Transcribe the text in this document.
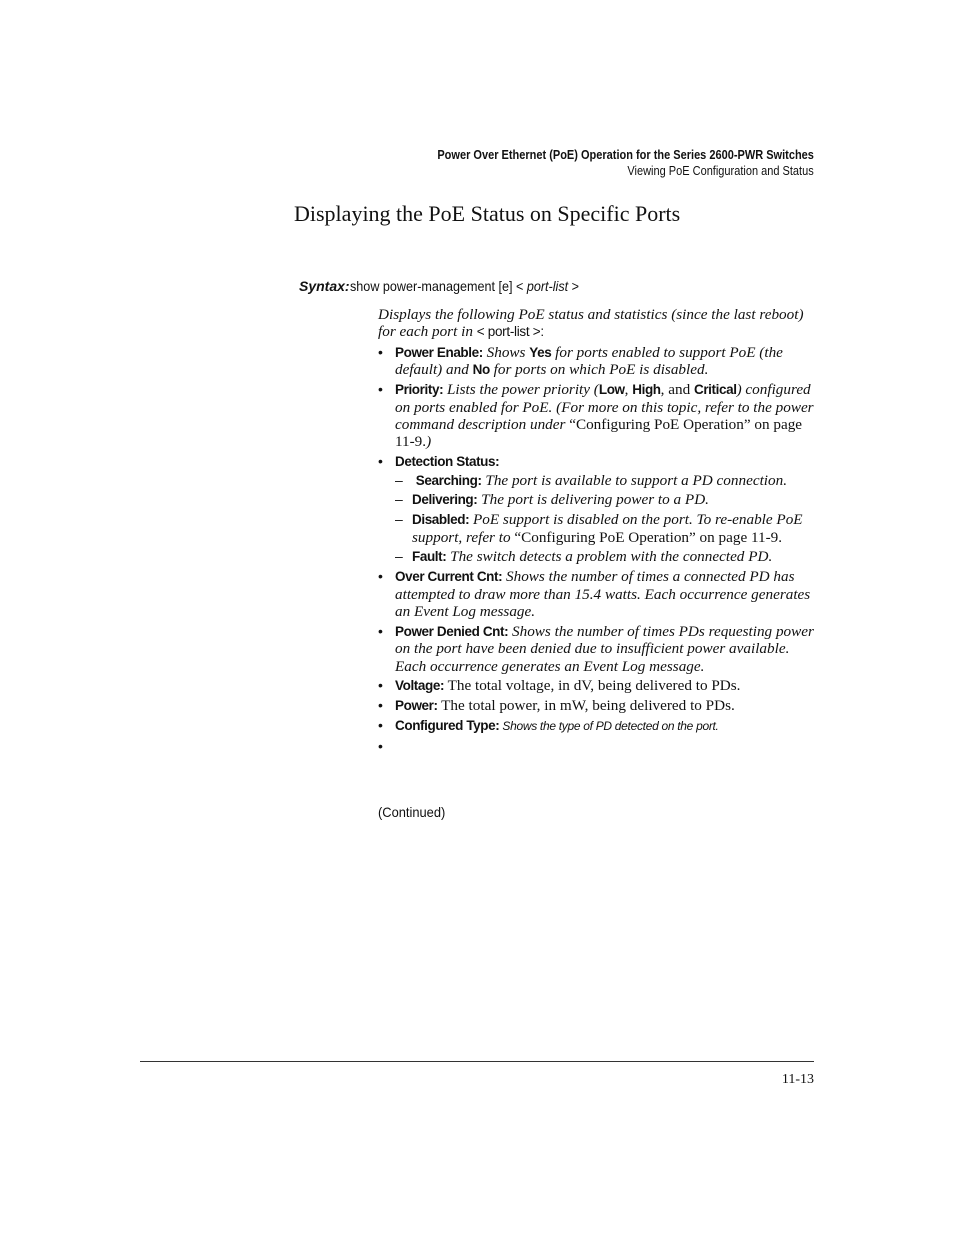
Power Over Ethernet (PoE) Operation for the Series 2600-PWR Switches
Viewing PoE Configuration and Status
Displaying the PoE Status on Specific Ports
Syntax:show power-management [e] < port-list >
Displays the following PoE status and statistics (since the last reboot) for each port in < port-list >:
• Power Enable: Shows Yes for ports enabled to support PoE (the default) and No for ports on which PoE is disabled.
• Priority: Lists the power priority (Low, High, and Critical) configured on ports enabled for PoE. (For more on this topic, refer to the power command description under “Configuring PoE Operation” on page 11-9.)
• Detection Status:
– Searching: The port is available to support a PD connection.
– Delivering: The port is delivering power to a PD.
– Disabled: PoE support is disabled on the port. To re-enable PoE support, refer to “Configuring PoE Operation” on page 11-9.
– Fault: The switch detects a problem with the connected PD.
• Over Current Cnt: Shows the number of times a connected PD has attempted to draw more than 15.4 watts. Each occurrence generates an Event Log message.
• Power Denied Cnt: Shows the number of times PDs requesting power on the port have been denied due to insufficient power available. Each occurrence generates an Event Log message.
• Voltage: The total voltage, in dV, being delivered to PDs.
• Power: The total power, in mW, being delivered to PDs.
• Configured Type: Shows the type of PD detected on the port.
•
(Continued)
11-13
